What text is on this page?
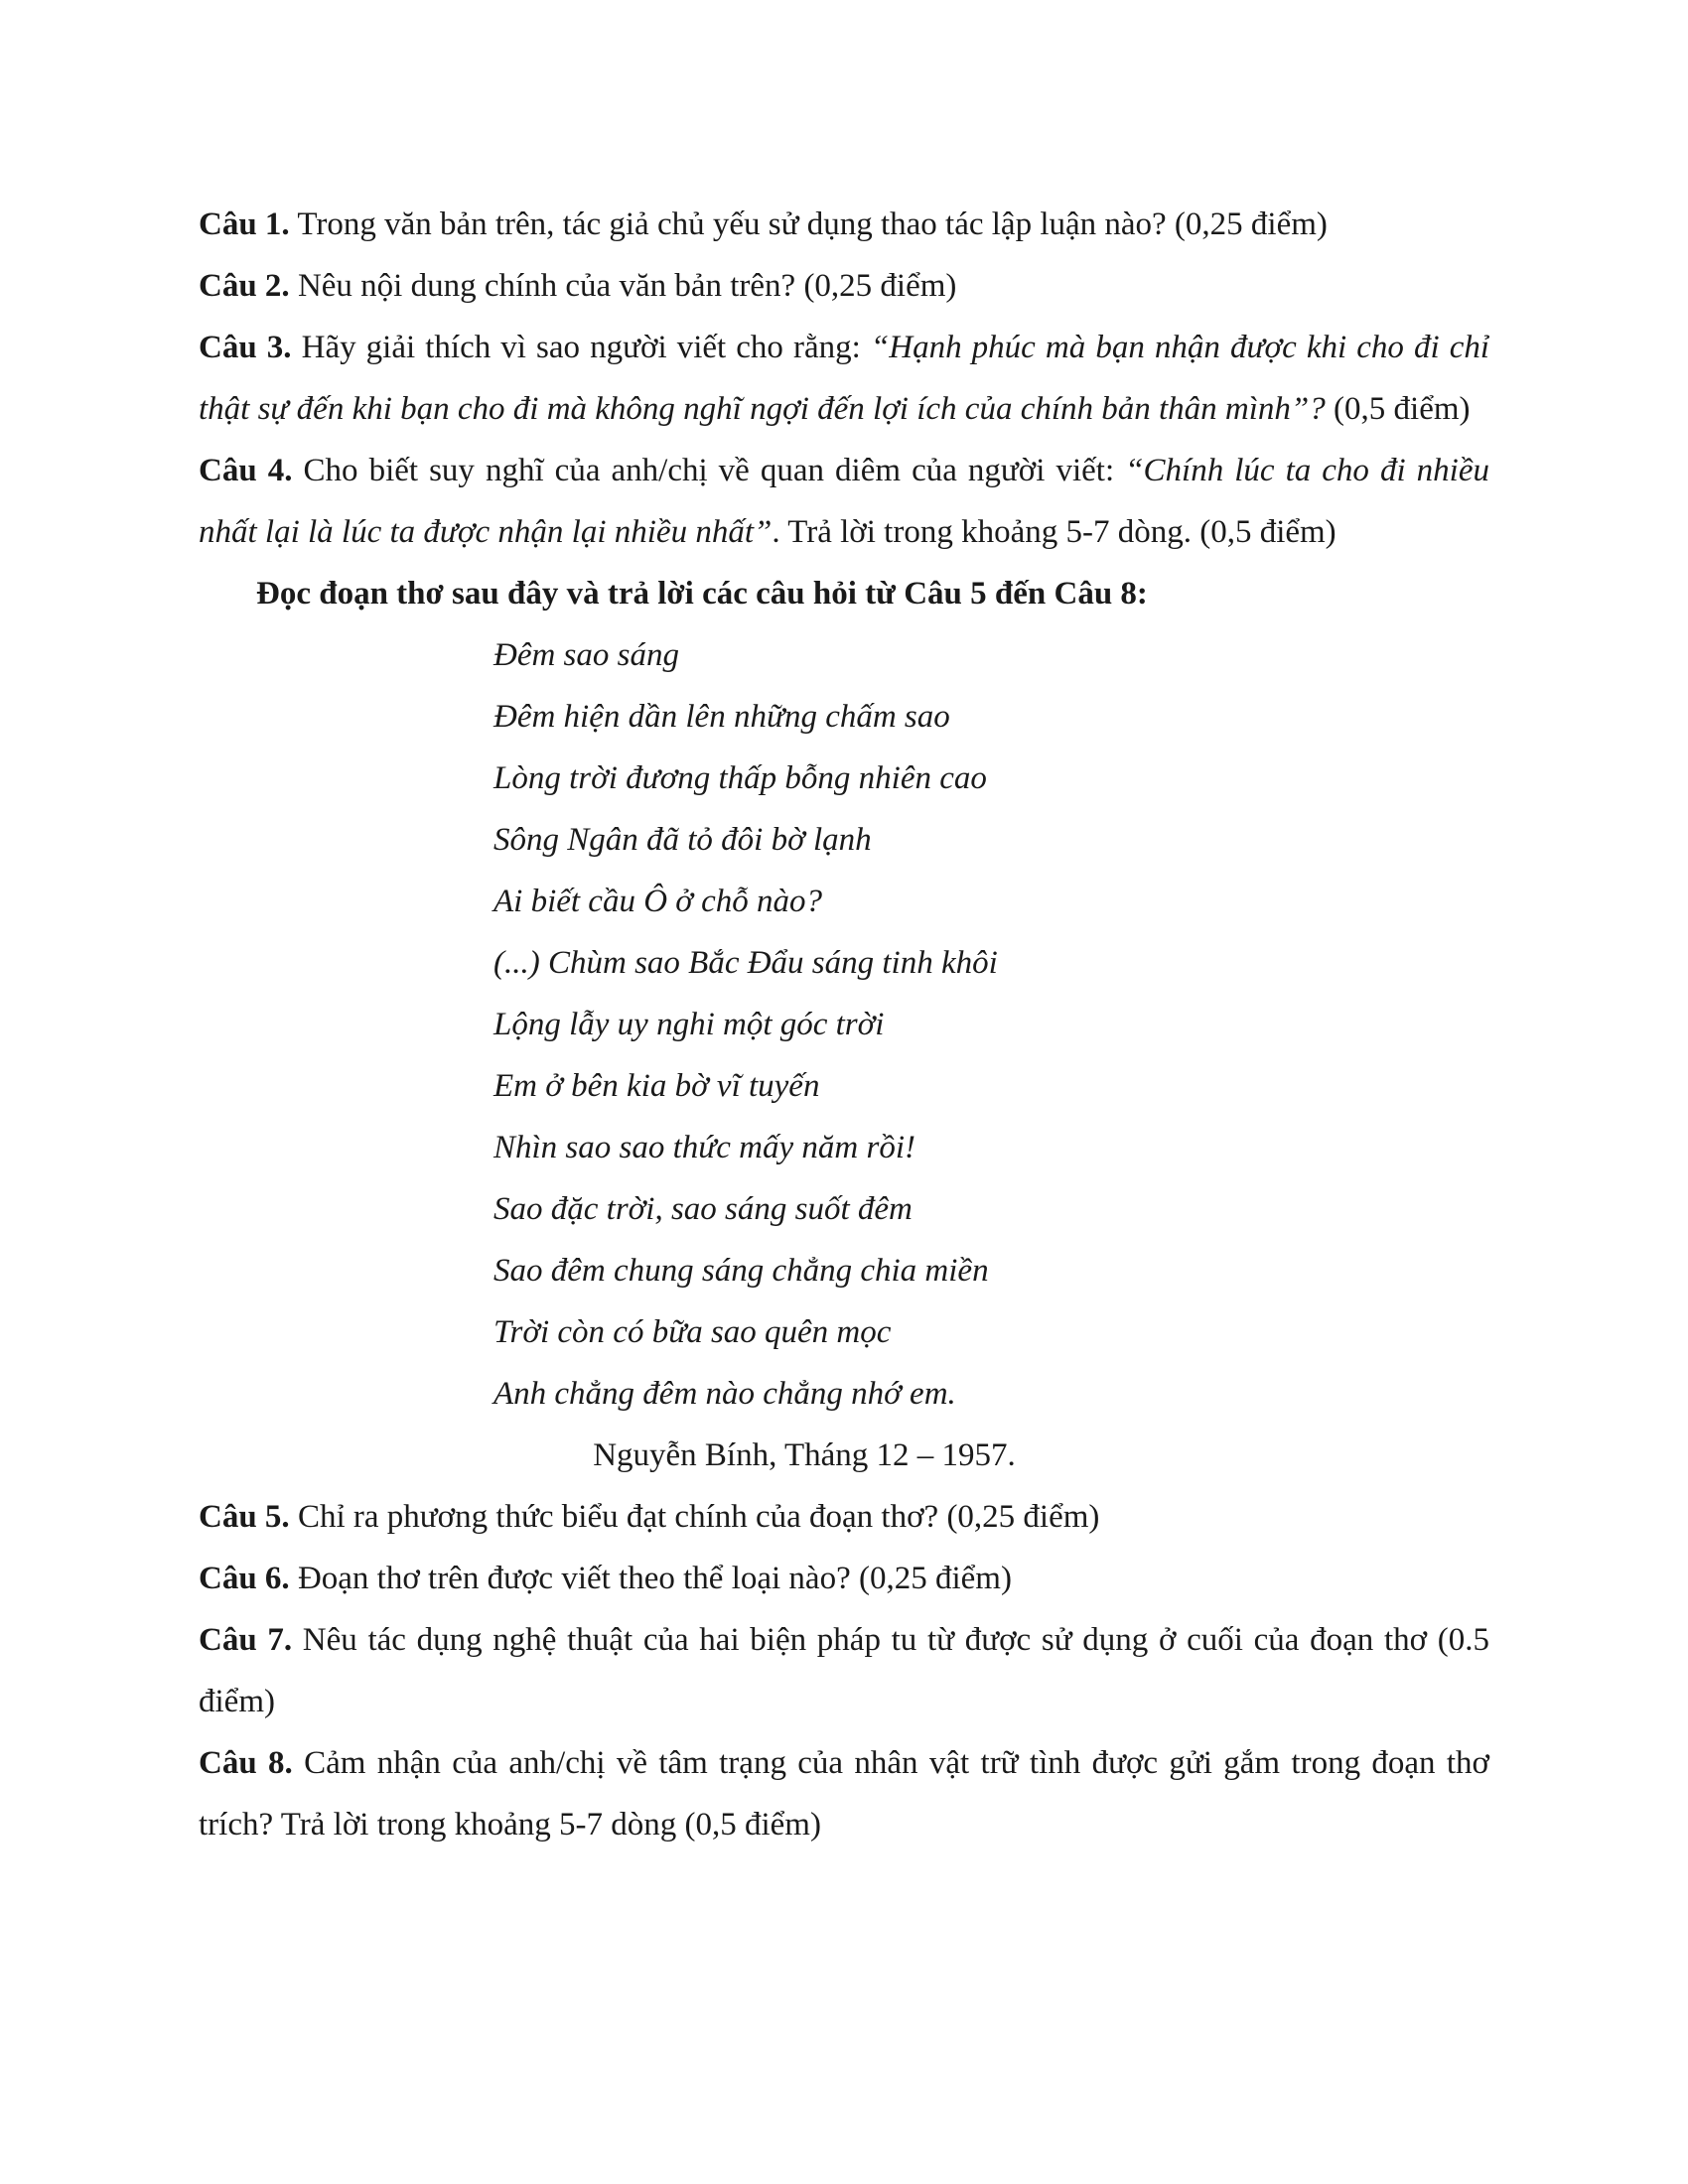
Câu 1. Trong văn bản trên, tác giả chủ yếu sử dụng thao tác lập luận nào? (0,25 điểm)

Câu 2. Nêu nội dung chính của văn bản trên? (0,25 điểm)

Câu 3. Hãy giải thích vì sao người viết cho rằng: “Hạnh phúc mà bạn nhận được khi cho đi chỉ thật sự đến khi bạn cho đi mà không nghĩ ngợi đến lợi ích của chính bản thân mình”? (0,5 điểm)

Câu 4. Cho biết suy nghĩ của anh/chị về quan diêm của người viết: “Chính lúc ta cho đi nhiều nhất lại là lúc ta được nhận lại nhiều nhất”. Trả lời trong khoảng 5-7 dòng. (0,5 điểm)

Đọc đoạn thơ sau đây và trả lời các câu hỏi từ Câu 5 đến Câu 8:

Đêm sao sáng

Đêm hiện dần lên những chấm sao

Lòng trời đương thấp bỗng nhiên cao

Sông Ngân đã tỏ đôi bờ lạnh

Ai biết cầu Ô ở chỗ nào?

(...) Chùm sao Bắc Đẩu sáng tinh khôi

Lộng lẫy uy nghi một góc trời

Em ở bên kia bờ vĩ tuyến

Nhìn sao sao thức mấy năm rồi!

Sao đặc trời, sao sáng suốt đêm

Sao đêm chung sáng chẳng chia miền

Trời còn có bữa sao quên mọc

Anh chẳng đêm nào chẳng nhớ em.

Nguyễn Bính, Tháng 12 – 1957.

Câu 5. Chỉ ra phương thức biểu đạt chính của đoạn thơ? (0,25 điểm)

Câu 6. Đoạn thơ trên được viết theo thể loại nào? (0,25 điểm)

Câu 7. Nêu tác dụng nghệ thuật của hai biện pháp tu từ được sử dụng ở cuối của đoạn thơ (0.5 điểm)

Câu 8. Cảm nhận của anh/chị về tâm trạng của nhân vật trữ tình được gửi gắm trong đoạn thơ trích? Trả lời trong khoảng 5-7 dòng (0,5 điểm)
